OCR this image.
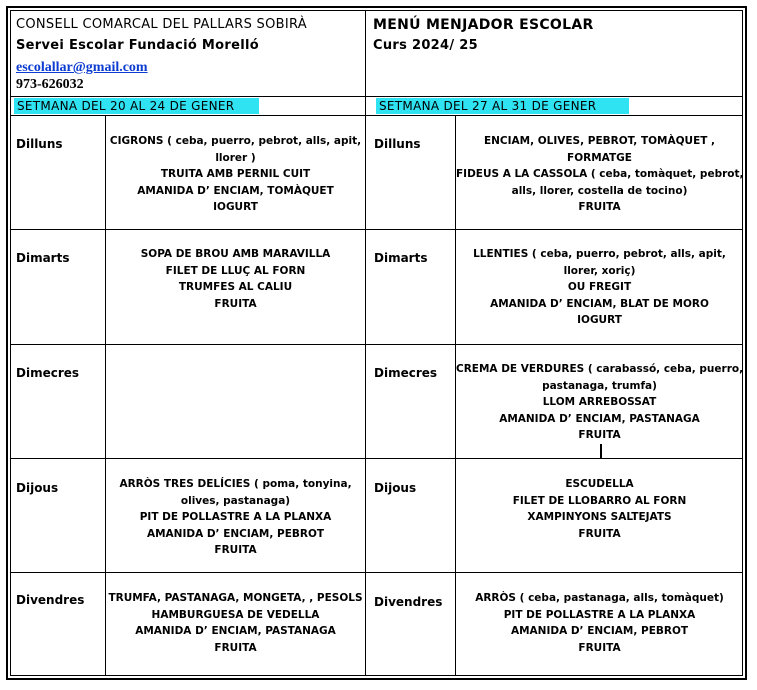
CONSELL COMARCAL DEL PALLARS SOBIRÀ
Servei Escolar Fundació Morelló
escolallar@gmail.com
973-626032
MENÚ MENJADOR ESCOLAR
Curs 2024/ 25
SETMANA DEL 20 AL 24 DE GENER	SETMANA DEL 27 AL 31 DE GENER
Dilluns
Dimarts
Dimecres
Dijous
Divendres
CIGRONS ( ceba, puerro, pebrot, alls, apit,
llorer )
TRUITA AMB PERNIL CUIT
AMANIDA D’ ENCIAM, TOMÀQUET
IOGURT
SOPA DE BROU AMB MARAVILLA
FILET DE LLUÇ AL FORN
TRUMFES AL CALIU
FRUITA
ARRÒS TRES DELÍCIES ( poma, tonyina,
olives, pastanaga)
PIT DE POLLASTRE A LA PLANXA
AMANIDA D’ ENCIAM, PEBROT
FRUITA
TRUMFA, PASTANAGA, MONGETA, , PESOLS
HAMBURGUESA DE VEDELLA
AMANIDA D’ ENCIAM, PASTANAGA
FRUITA
Dilluns
Dimarts
Dimecres
Dijous
Divendres
ENCIAM, OLIVES, PEBROT, TOMÀQUET ,
FORMATGE
FIDEUS A LA CASSOLA ( ceba, tomàquet, pebrot,
alls, llorer, costella de tocino)
FRUITA
LLENTIES ( ceba, puerro, pebrot, alls, apit,
llorer, xoriç)
OU FREGIT
AMANIDA D’ ENCIAM, BLAT DE MORO
IOGURT
CREMA DE VERDURES ( carabassó, ceba, puerro,
pastanaga, trumfa)
LLOM ARREBOSSAT
AMANIDA D’ ENCIAM, PASTANAGA
FRUITA
ESCUDELLA
FILET DE LLOBARRO AL FORN
XAMPINYONS SALTEJATS
FRUITA
ARRÒS ( ceba, pastanaga, alls, tomàquet)
PIT DE POLLASTRE A LA PLANXA
AMANIDA D’ ENCIAM, PEBROT
FRUITA
